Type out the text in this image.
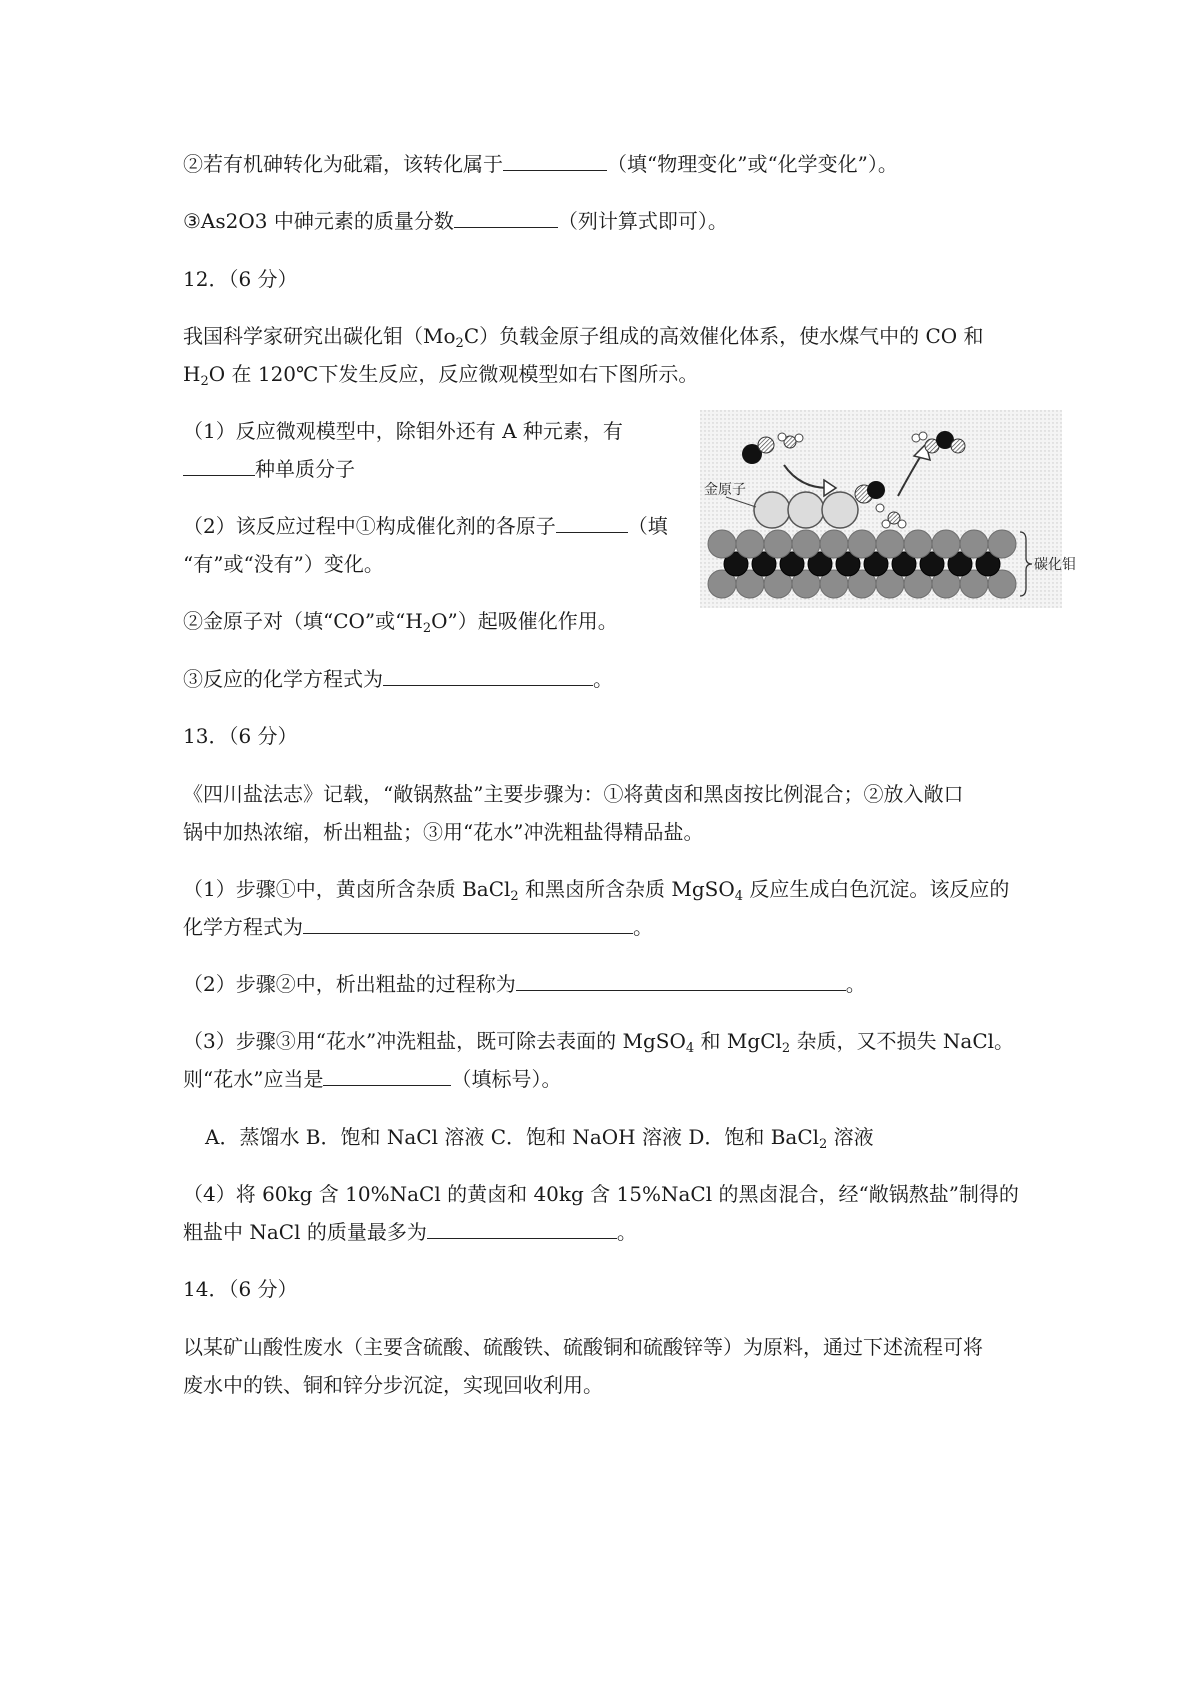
②若有机砷转化为砒霜，该转化属于	（填“物理变化”或“化学变化”）。
③As2O3 中砷元素的质量分数	（列计算式即可）。
12．（6 分）
我国科学家研究出碳化钼$(Mo_2C)$负载金原子组成的高效催化体系，使水煤气中的 CO 和
$H_2O$ 在 120℃下发生反应，反应微观模型如右下图所示。
（1）反应微观模型中，除钼外还有 A 种元素，有
种单质分子
（2）该反应过程中①构成催化剂的各原子	（填
“有”或“没有”）变化。
②金原子对（填“CO”或“$H_2O$”）起吸催化作用。
③反应的化学方程式为	。
金原子
碳化钼
13．（6 分）
《四川盐法志》记载，“敞锅熬盐”主要步骤为：①将黄卤和黑卤按比例混合；②放入敞口
锅中加热浓缩，析出粗盐；③用“花水”冲洗粗盐得精品盐。
（1）步骤①中，黄卤所含杂质 BaCl$_2$ 和黑卤所含杂质 MgSO$_4$ 反应生成白色沉淀。该反应的
化学方程式为	。
（2）步骤②中，析出粗盐的过程称为	。
（3）步骤③用“花水”冲洗粗盐，既可除去表面的 MgSO$_4$ 和 MgCl$_2$ 杂质，又不损失 NaCl。
则“花水”应当是	（填标号）。
A．蒸馏水 B．饱和 NaCl 溶液 C．饱和 NaOH 溶液 D．饱和 BaCl$_2$ 溶液
（4）将 60kg 含 10%NaCl 的黄卤和 40kg 含 15%NaCl 的黑卤混合，经“敞锅熬盐”制得的
粗盐中 NaCl 的质量最多为	。
14．（6 分）
以某矿山酸性废水（主要含硫酸、硫酸铁、硫酸铜和硫酸锌等）为原料，通过下述流程可将
废水中的铁、铜和锌分步沉淀，实现回收利用。
